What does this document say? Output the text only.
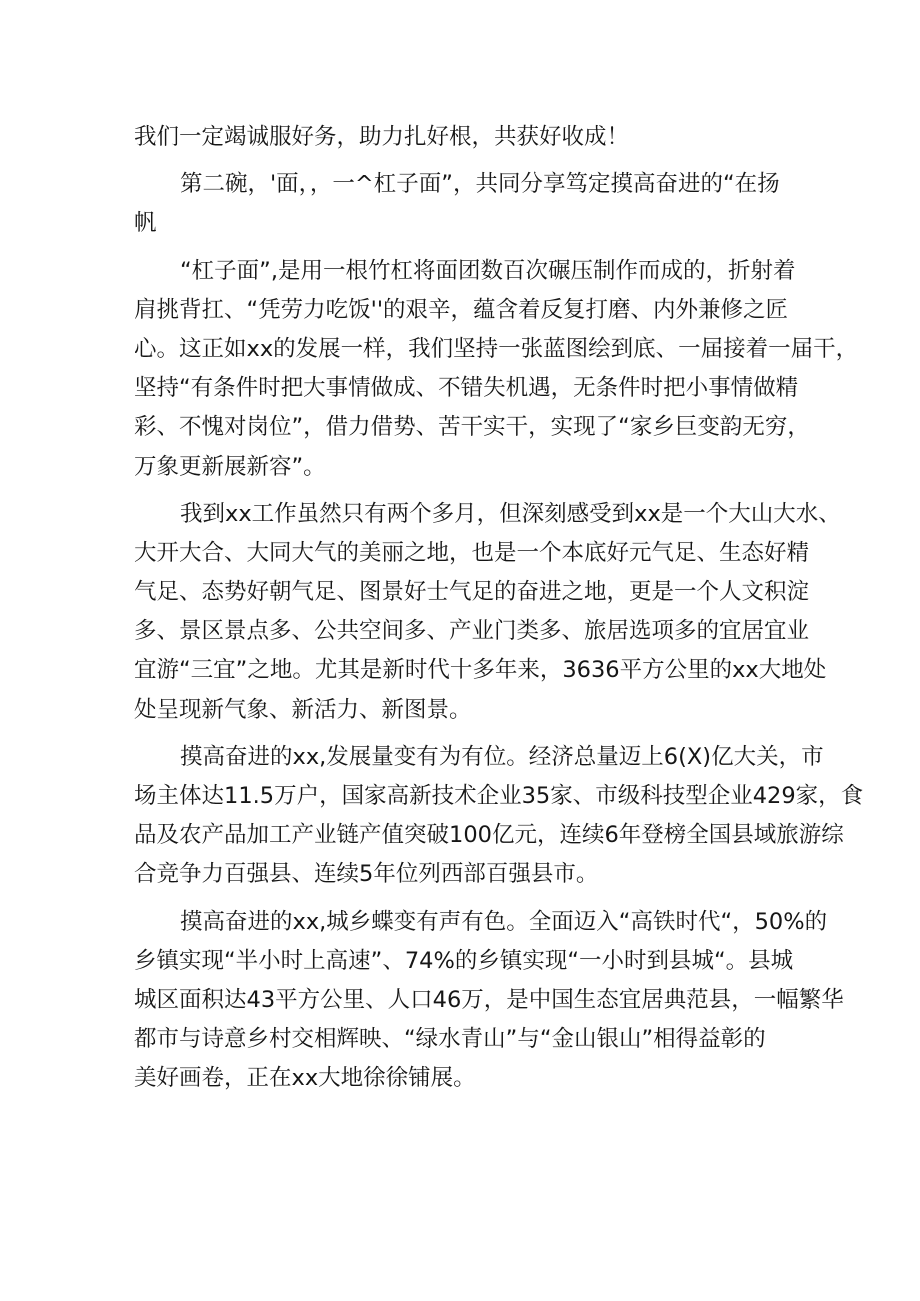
我们一定竭诚服好务，助力扎好根，共获好收成！
第二碗，'面，，一^杠子面”，共同分享笃定摸高奋进的“在扬
帆
“杠子面”,是用一根竹杠将面团数百次碾压制作而成的，折射着
肩挑背扛、“凭劳力吃饭''的艰辛，蕴含着反复打磨、内外兼修之匠
心。这正如xx的发展一样，我们坚持一张蓝图绘到底、一届接着一届干，
坚持“有条件时把大事情做成、不错失机遇，无条件时把小事情做精
彩、不愧对岗位”，借力借势、苦干实干，实现了“家乡巨变韵无穷，
万象更新展新容”。
我到xx工作虽然只有两个多月，但深刻感受到xx是一个大山大水、
大开大合、大同大气的美丽之地，也是一个本底好元气足、生态好精
气足、态势好朝气足、图景好士气足的奋进之地，更是一个人文积淀
多、景区景点多、公共空间多、产业门类多、旅居选项多的宜居宜业
宜游“三宜”之地。尤其是新时代十多年来，3636平方公里的xx大地处
处呈现新气象、新活力、新图景。
摸高奋进的xx,发展量变有为有位。经济总量迈上6(X)亿大关，市
场主体达11.5万户，国家高新技术企业35家、市级科技型企业429家，食
品及农产品加工产业链产值突破100亿元，连续6年登榜全国县域旅游综
合竞争力百强县、连续5年位列西部百强县市。
摸高奋进的xx,城乡蝶变有声有色。全面迈入“高铁时代“，50%的
乡镇实现“半小时上高速”、74%的乡镇实现“一小时到县城“。县城
城区面积达43平方公里、人口46万，是中国生态宜居典范县，一幅繁华
都市与诗意乡村交相辉映、“绿水青山”与“金山银山”相得益彰的
美好画卷，正在xx大地徐徐铺展。
